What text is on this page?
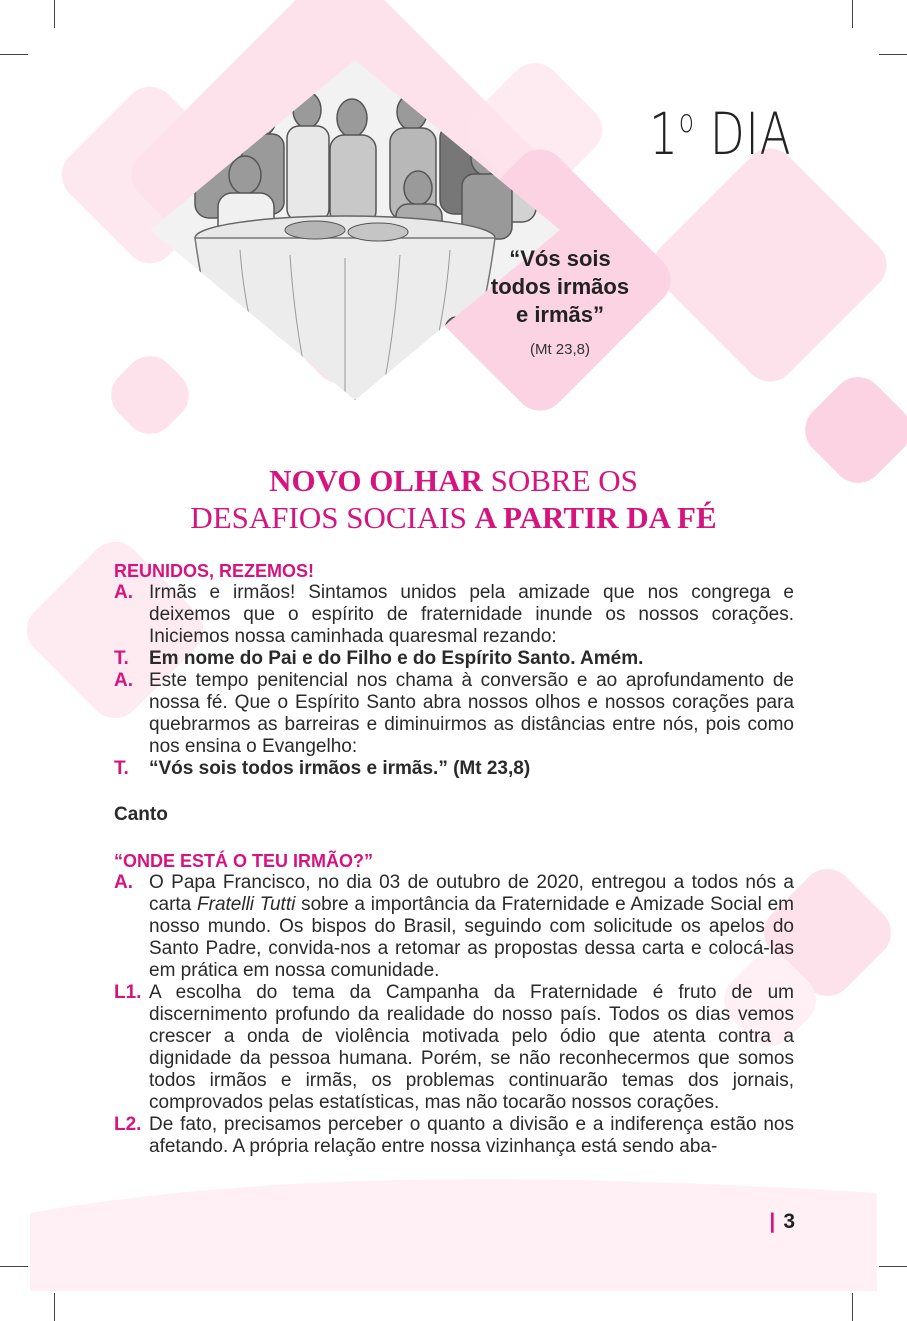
1$^o$ DIA
“Vós sois
todos irmãos
e irmãs”
(Mt 23,8)
NOVO OLHAR SOBRE OS
DESAFIOS SOCIAIS A PARTIR DA FÉ
REUNIDOS, REZEMOS!
A. Irmãs e irmãos! Sintamos unidos pela amizade que nos congrega e deixemos que o espírito de fraternidade inunde os nossos corações. Iniciemos nossa caminhada quaresmal rezando:
T.	Em nome do Pai e do Filho e do Espírito Santo. Amém.
A. Este tempo penitencial nos chama à conversão e ao aprofundamento de nossa fé. Que o Espírito Santo abra nossos olhos e nossos corações para quebrarmos as barreiras e diminuirmos as distâncias entre nós, pois como nos ensina o Evangelho:
T.	“Vós sois todos irmãos e irmãs.” (Mt 23,8)
Canto
“ONDE ESTÁ O TEU IRMÃO?”
A. O Papa Francisco, no dia 03 de outubro de 2020, entregou a todos nós a carta Fratelli Tutti sobre a importância da Fraternidade e Amizade Social em nosso mundo. Os bispos do Brasil, seguindo com solicitude os apelos do Santo Padre, convida-nos a retomar as propostas dessa carta e colocá-las em prática em nossa comunidade.
L1. A escolha do tema da Campanha da Fraternidade é fruto de um discernimento profundo da realidade do nosso país. Todos os dias vemos crescer a onda de violência motivada pelo ódio que atenta contra a dignidade da pessoa humana. Porém, se não reconhecermos que somos todos irmãos e irmãs, os problemas continuarão temas dos jornais, comprovados pelas estatísticas, mas não tocarão nossos corações.
L2. De fato, precisamos perceber o quanto a divisão e a indiferença estão nos afetando. A própria relação entre nossa vizinhança está sendo aba-
| 3
